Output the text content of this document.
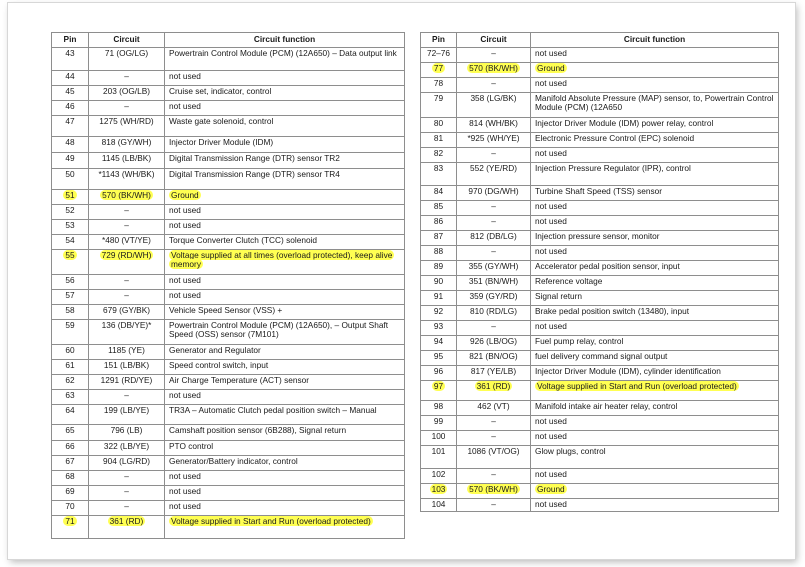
Pin	Circuit	Circuit function
43	71 (OG/LG)	Powertrain Control Module (PCM) (12A650) – Data output link
44	–	not used
45	203 (OG/LB)	Cruise set, indicator, control
46	–	not used
47	1275 (WH/RD)	Waste gate solenoid, control
48	818 (GY/WH)	Injector Driver Module (IDM)
49	1145 (LB/BK)	Digital Transmission Range (DTR) sensor TR2
50	*1143 (WH/BK)	Digital Transmission Range (DTR) sensor TR4
51	570 (BK/WH)	Ground
52	–	not used
53	–	not used
54	*480 (VT/YE)	Torque Converter Clutch (TCC) solenoid
55	729 (RD/WH)	Voltage supplied at all times (overload protected), keep alive memory
56	–	not used
57	–	not used
58	679 (GY/BK)	Vehicle Speed Sensor (VSS) +
59	136 (DB/YE)*	Powertrain Control Module (PCM) (12A650), – Output Shaft Speed (OSS) sensor (7M101)
60	1185 (YE)	Generator and Regulator
61	151 (LB/BK)	Speed control switch, input
62	1291 (RD/YE)	Air Charge Temperature (ACT) sensor
63	–	not used
64	199 (LB/YE)	TR3A – Automatic Clutch pedal position switch – Manual
65	796 (LB)	Camshaft position sensor (6B288), Signal return
66	322 (LB/YE)	PTO control
67	904 (LG/RD)	Generator/Battery indicator, control
68	–	not used
69	–	not used
70	–	not used
71	361 (RD)	Voltage supplied in Start and Run (overload protected)
Pin	Circuit	Circuit function
72–76	–	not used
77	570 (BK/WH)	Ground
78	–	not used
79	358 (LG/BK)	Manifold Absolute Pressure (MAP) sensor, to, Powertrain Control Module (PCM) (12A650
80	814 (WH/BK)	Injector Driver Module (IDM) power relay, control
81	*925 (WH/YE)	Electronic Pressure Control (EPC) solenoid
82	–	not used
83	552 (YE/RD)	Injection Pressure Regulator (IPR), control
84	970 (DG/WH)	Turbine Shaft Speed (TSS) sensor
85	–	not used
86	–	not used
87	812 (DB/LG)	Injection pressure sensor, monitor
88	–	not used
89	355 (GY/WH)	Accelerator pedal position sensor, input
90	351 (BN/WH)	Reference voltage
91	359 (GY/RD)	Signal return
92	810 (RD/LG)	Brake pedal position switch (13480), input
93	–	not used
94	926 (LB/OG)	Fuel pump relay, control
95	821 (BN/OG)	fuel delivery command signal output
96	817 (YE/LB)	Injector Driver Module (IDM), cylinder identification
97	361 (RD)	Voltage supplied in Start and Run (overload protected)
98	462 (VT)	Manifold intake air heater relay, control
99	–	not used
100	–	not used
101	1086 (VT/OG)	Glow plugs, control
102	–	not used
103	570 (BK/WH)	Ground
104	–	not used
